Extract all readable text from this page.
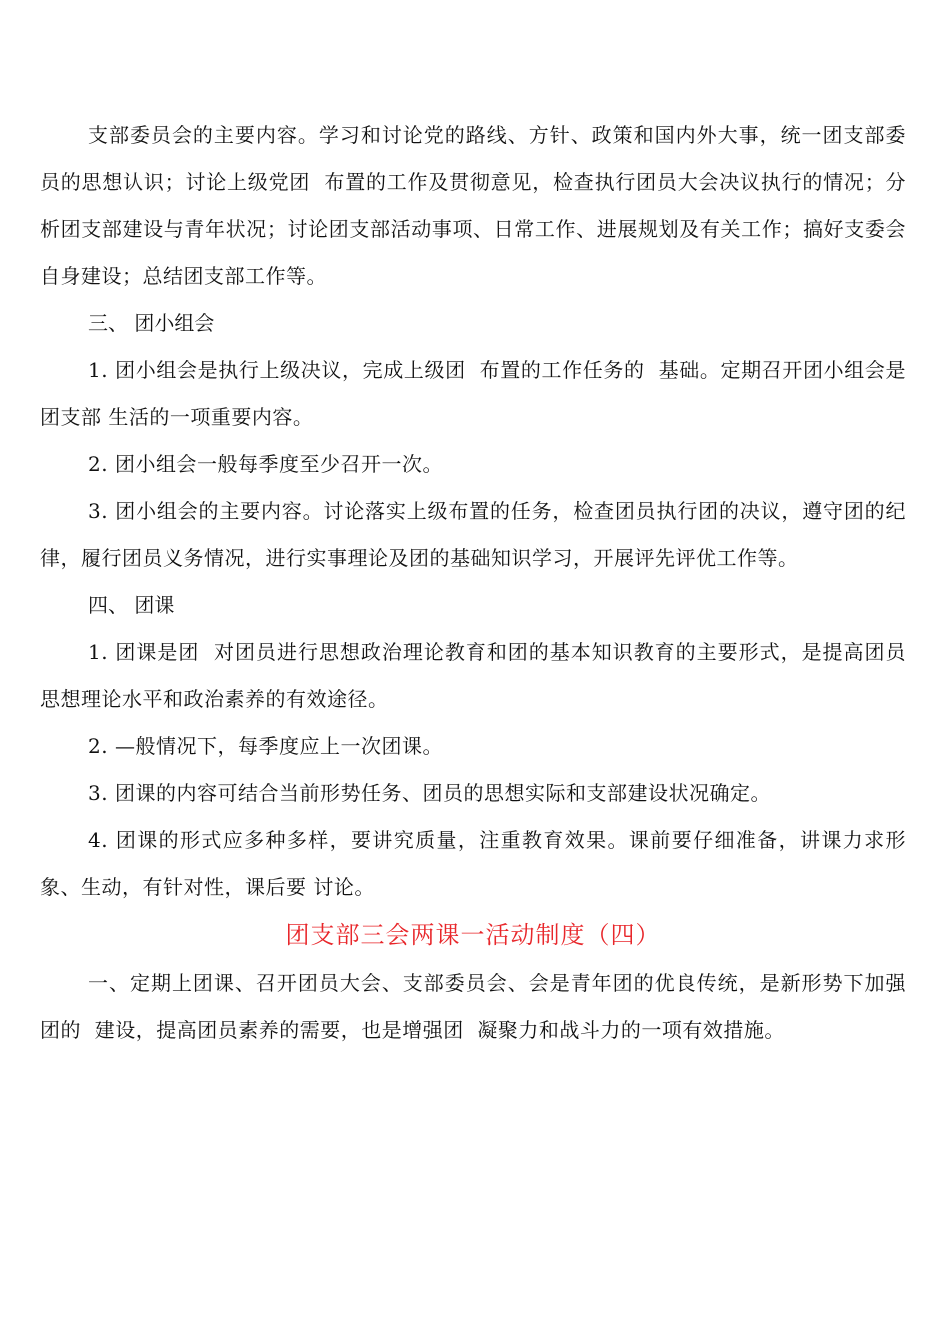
支部委员会的主要内容。学习和讨论党的路线、方针、政策和国内外大事，统一团支部委员的思想认识；讨论上级党团  布置的工作及贯彻意见，检查执行团员大会决议执行的情况；分析团支部建设与青年状况；讨论团支部活动事项、日常工作、进展规划及有关工作；搞好支委会自身建设；总结团支部工作等。

三、 团小组会

1. 团小组会是执行上级决议，完成上级团  布置的工作任务的  基础。定期召开团小组会是团支部 生活的一项重要内容。

2. 团小组会一般每季度至少召开一次。

3. 团小组会的主要内容。讨论落实上级布置的任务，检查团员执行团的决议，遵守团的纪律，履行团员义务情况，进行实事理论及团的基础知识学习，开展评先评优工作等。

四、 团课

1. 团课是团  对团员进行思想政治理论教育和团的基本知识教育的主要形式，是提高团员思想理论水平和政治素养的有效途径。

2. —般情况下，每季度应上一次团课。

3. 团课的内容可结合当前形势任务、团员的思想实际和支部建设状况确定。

4. 团课的形式应多种多样，要讲究质量，注重教育效果。课前要仔细准备，讲课力求形象、生动，有针对性，课后要 讨论。

团支部三会两课一活动制度（四）

一、定期上团课、召开团员大会、支部委员会、会是青年团的优良传统，是新形势下加强团的  建设，提高团员素养的需要，也是增强团  凝聚力和战斗力的一项有效措施。
